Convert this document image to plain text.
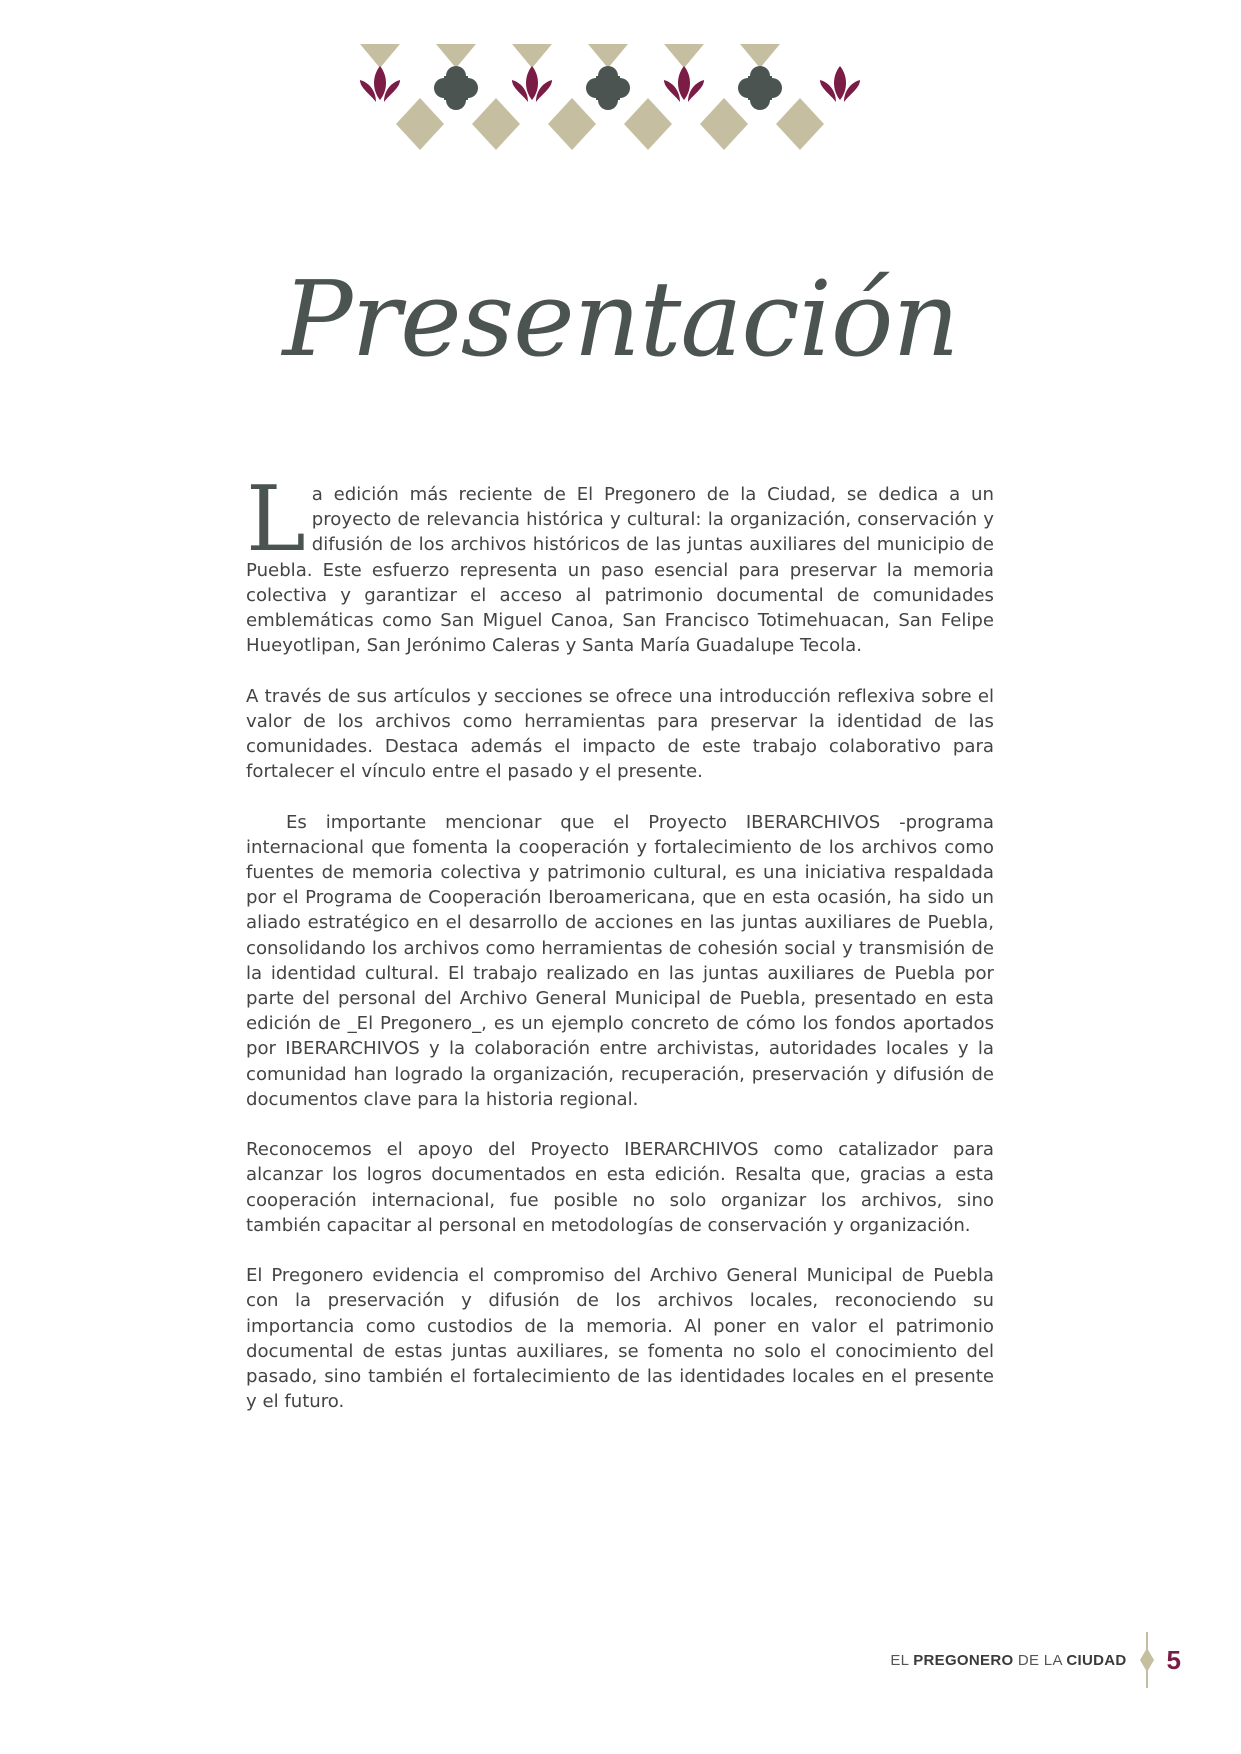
Presentación

La edición más reciente de El Pregonero de la Ciudad, se dedica a un proyecto de relevancia histórica y cultural: la organización, conservación y difusión de los archivos históricos de las juntas auxiliares del municipio de Puebla. Este esfuerzo representa un paso esencial para preservar la memoria colectiva y garantizar el acceso al patrimonio documental de comunidades emblemáticas como San Miguel Canoa, San Francisco Totimehuacan, San Felipe Hueyotlipan, San Jerónimo Caleras y Santa María Guadalupe Tecola.

A través de sus artículos y secciones se ofrece una introducción reflexiva sobre el valor de los archivos como herramientas para preservar la identidad de las comunidades. Destaca además el impacto de este trabajo colaborativo para fortalecer el vínculo entre el pasado y el presente.

Es importante mencionar que el Proyecto IBERARCHIVOS -programa internacional que fomenta la cooperación y fortalecimiento de los archivos como fuentes de memoria colectiva y patrimonio cultural, es una iniciativa respaldada por el Programa de Cooperación Iberoamericana, que en esta ocasión, ha sido un aliado estratégico en el desarrollo de acciones en las juntas auxiliares de Puebla, consolidando los archivos como herramientas de cohesión social y transmisión de la identidad cultural. El trabajo realizado en las juntas auxiliares de Puebla por parte del personal del Archivo General Municipal de Puebla, presentado en esta edición de _El Pregonero_, es un ejemplo concreto de cómo los fondos aportados por IBERARCHIVOS y la colaboración entre archivistas, autoridades locales y la comunidad han logrado la organización, recuperación, preservación y difusión de documentos clave para la historia regional.

Reconocemos el apoyo del Proyecto IBERARCHIVOS como catalizador para alcanzar los logros documentados en esta edición. Resalta que, gracias a esta cooperación internacional, fue posible no solo organizar los archivos, sino también capacitar al personal en metodologías de conservación y organización.

El Pregonero evidencia el compromiso del Archivo General Municipal de Puebla con la preservación y difusión de los archivos locales, reconociendo su importancia como custodios de la memoria. Al poner en valor el patrimonio documental de estas juntas auxiliares, se fomenta no solo el conocimiento del pasado, sino también el fortalecimiento de las identidades locales en el presente y el futuro.

EL PREGONERO DE LA CIUDAD 5
